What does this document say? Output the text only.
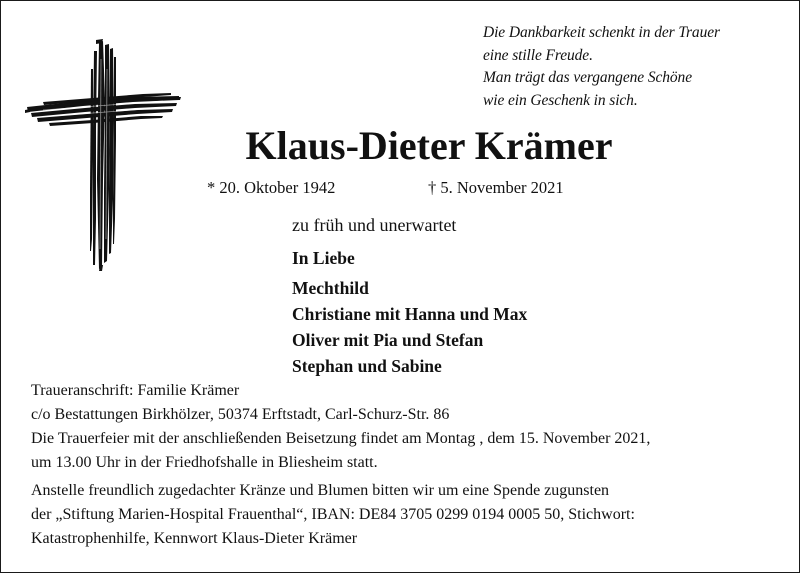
Die Dankbarkeit schenkt in der Trauer
eine stille Freude.
Man trägt das vergangene Schöne
wie ein Geschenk in sich.
Klaus-Dieter Krämer
* 20. Oktober 1942	† 5. November 2021
zu früh und unerwartet
In Liebe
Mechthild
Christiane mit Hanna und Max
Oliver mit Pia und Stefan
Stephan und Sabine
Traueranschrift: Familie Krämer
c/o Bestattungen Birkhölzer, 50374 Erftstadt, Carl-Schurz-Str. 86
Die Trauerfeier mit der anschließenden Beisetzung findet am Montag , dem 15. November 2021,
um 13.00 Uhr in der Friedhofshalle in Bliesheim statt.
Anstelle freundlich zugedachter Kränze und Blumen bitten wir um eine Spende zugunsten
der „Stiftung Marien-Hospital Frauenthal“, IBAN: DE84 3705 0299 0194 0005 50, Stichwort:
Katastrophenhilfe, Kennwort Klaus-Dieter Krämer
